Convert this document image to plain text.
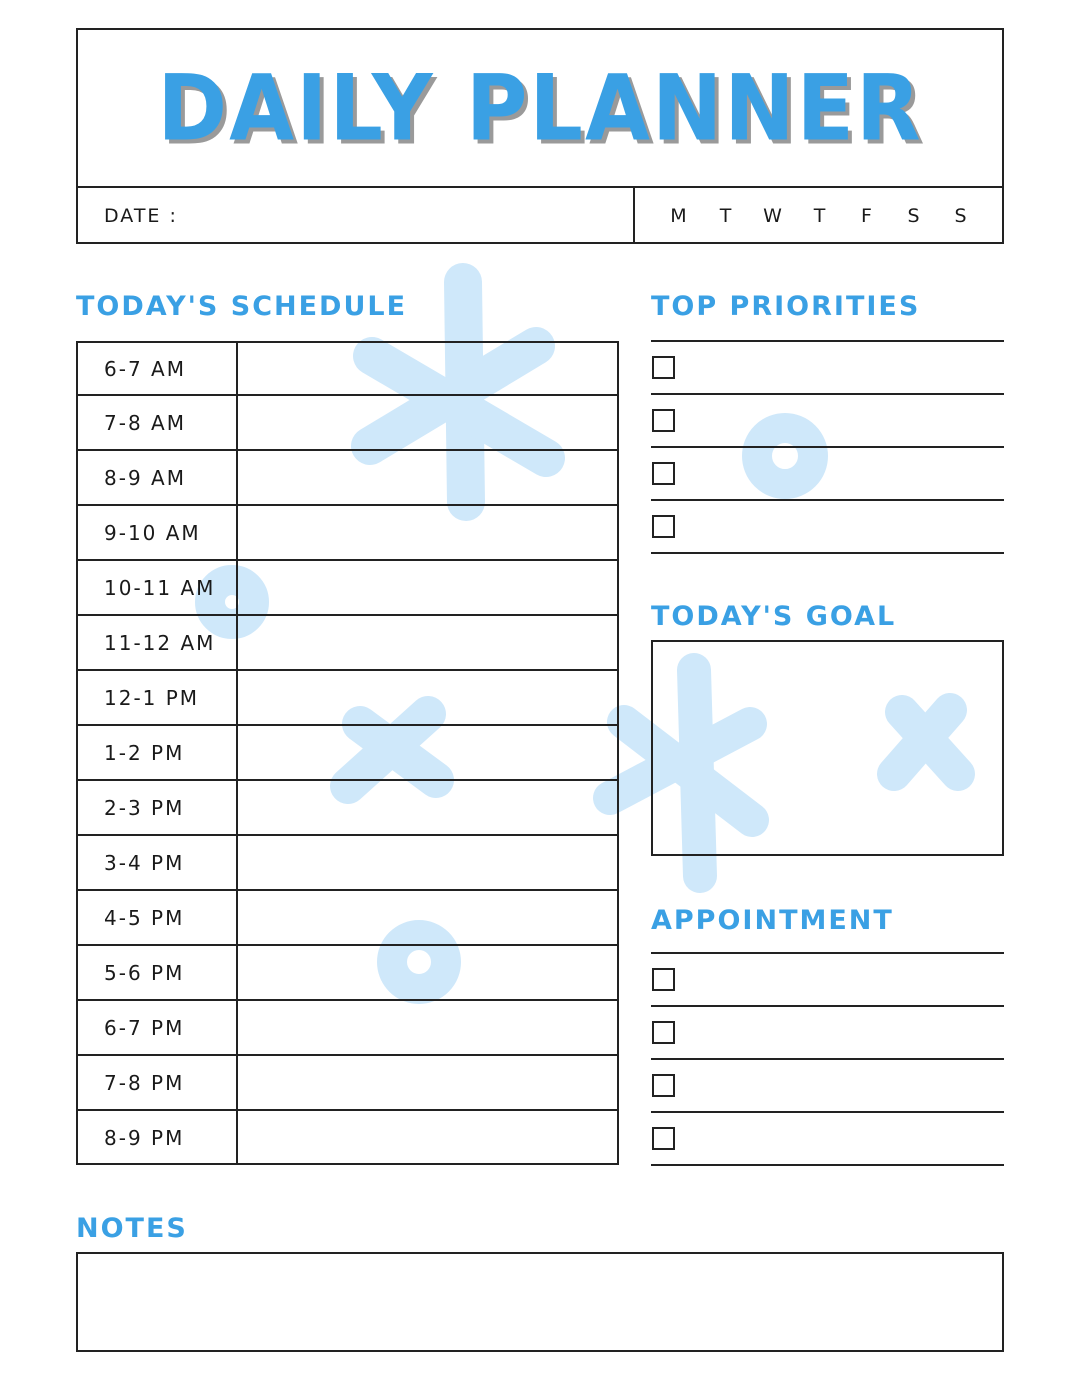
DAILY PLANNER
DATE :	M	T	W	T	F	S	S
TODAY'S SCHEDULE	TOP PRIORITIES
TODAY'S GOAL
APPOINTMENT
NOTES
6-7 AM
7-8 AM
8-9 AM
9-10 AM
10-11 AM
11-12 AM
12-1 PM
1-2 PM
2-3 PM
3-4 PM
4-5 PM
5-6 PM
6-7 PM
7-8 PM
8-9 PM
